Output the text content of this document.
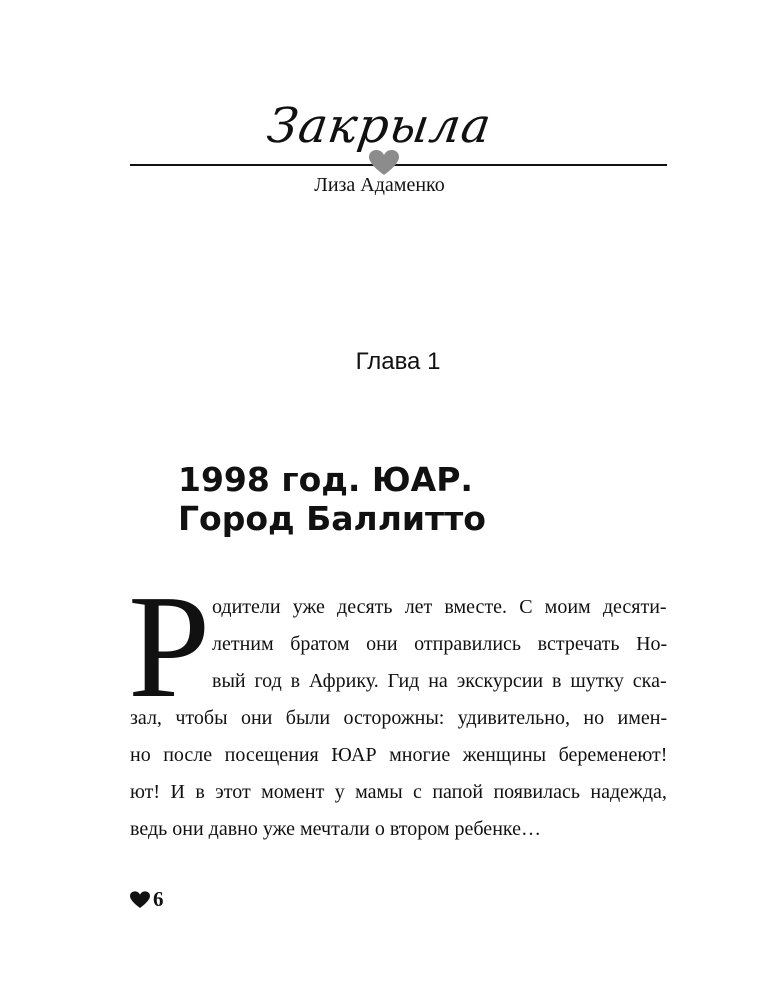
Закрыла
Лиза Адаменко
Глава 1
1998 год. ЮАР.
Город Баллитто
Р одители уже десять лет вместе. С моим десяти-
летним братом они отправились встречать Но-
вый год в Африку. Гид на экскурсии в шутку ска-
зал, чтобы они были осторожны: удивительно, но имен-
но после посещения ЮАР многие женщины беременеют!
ют! И в этот момент у мамы с папой появилась надежда,
ведь они давно уже мечтали о втором ребенке…
6
